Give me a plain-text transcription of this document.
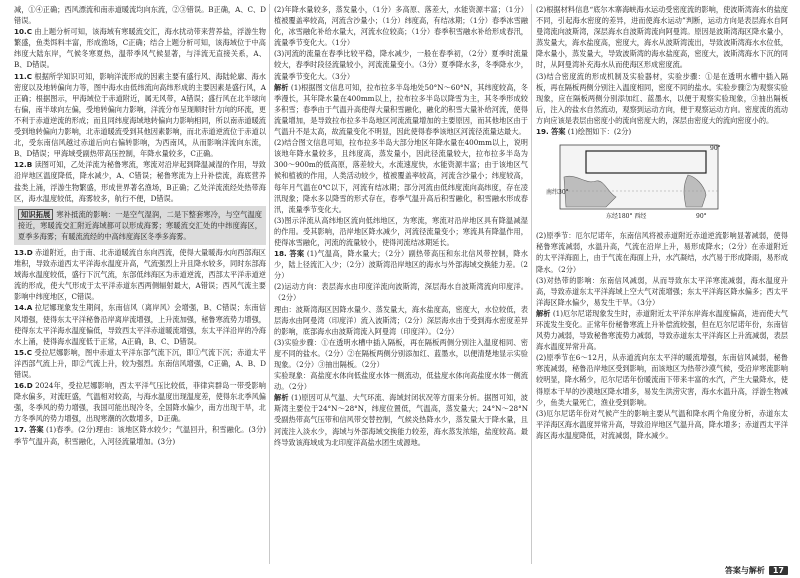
减，①④正确；西风漂流和南赤道暖流均向东流，②③错误。B正确，A、C、D错误。

10.C 由上题分析可知，该海域有寒暖流交汇，海水扰动带来营养盐，浮游生物繁盛，鱼类饵料丰富，形成渔场，C正确；结合上题分析可知，该海域位于中高纬度大陆东岸，气候冬寒夏热，温带季风气候显著，与洋流无直接关系，A、B、D错误。

11.C 根据所学知识可知，影响洋流形成的因素主要有盛行风、海陆轮廓、海水密度以及地转偏向力等，图中海水由低纬流向高纬形成的主要因素是盛行风，A正确；根据图示，甲海域位于赤道附近，属无风带，A错误；盛行风在北半球向右偏，南半球向左偏，受地转偏向力影响，洋流分布呈现顺时针方向的环流，更不利于赤道逆流的形成；而且同纬度海域地转偏向力影响相同，所以南赤道暖流受到地转偏向力影响，北赤道暖流受到其他因素影响，而北赤道逆流位于赤道以北，受东南信风越过赤道后向右偏转影响，为西南风，从而影响洋流向东流，B、D错误；甲海域受副热带高压控制，年降水量较多，C正确。

12.B 读图可知，乙处洋流为秘鲁寒流，寒流对沿岸起到降温减湿的作用，导致沿岸地区温度降低，降水减少，A、C错误；秘鲁寒流为上升补偿流，海底营养盐类上涌，浮游生物繁盛，形成世界著名渔场，B正确；乙处洋流流经处热带海区，海水温度较低，海雾较多，航行不便，D错误。

知识拓展 寒补抵流的影响：一是空气湿润，二是下整套寒冷，与空气温度接近，寒暖流交汇附近海域都可以形成海雾；寒暖流交汇处的中纬度海区，夏季多海雾；有暖流流经的中高纬度海区冬季多海雾。

13.D 赤道附近，由于南、北赤道暖流自东向西流，使得大量暖海水向西部海区堆积，导致赤道西太平洋海水温度升高，气流强烈上升且降水较多，同时东部海域海水温度较低，盛行下沉气流，东部低纬海区为赤道逆流，西部太平洋赤道逆流的形成，使大气形成于太平洋赤道东西两侧辐射最大，A错误；西风气流主要影响中纬度地区，C错误。

14.A 拉尼娜现象发生期间，东南信风（离岸风）会增强，B、C错误；东南信风增强，使得东太平洋秘鲁沿岸离岸流增强，上升流加强，秘鲁寒流势力增强，使得东太平洋海水温度偏低，导致西太平洋赤道暖流增强，东太平洋沿岸的冷海水上涌，使得海水温度低于正常，A正确，B、C、D错误。

15.C 受拉尼娜影响，图中赤道太平洋东部气流下沉，即①气流下沉；赤道太平洋西部气流上升，即②气流上升，较为强烈。东南信风增强，C正确，A、B、D错误。

16.D 2024年，受拉尼娜影响，西太平洋气压比较低，菲律宾群岛一带受影响降水偏多，对流旺盛，气温相对较高，与海水温度出现温度差，使得东北季风偏强，冬季风的势力增强，我国可能出现冷冬，全国降水偏少，南方出现干旱，北方冬季风的势力增强，出现寒潮的次数增多，D正确。

17. 答案 (1)春季。(2分)理由：该地区降水较少；气温回升，积雪融化。(3分)季节气温升高，积雪融化，入河径流量增加。(3分)

(2)年降水量较多，蒸发量小，（1分）多高原、落差大，水能资源丰富；（1分）植被覆盖率较高，河流含沙量小；（1分）纬度高，有结冰期；（1分）春季冰雪融化，冰雪融化补给水量大，河流水位较高；（1分）春季积雪融水补给形成春汛，流量季节变化大。（1分）

(3)河流的流量在春季比较平稳，降水减少，一般在春季初，（2分）夏季时流量较大，春季时段径流量较小，河流流量变小。（3分）夏季降水多，冬季降水少，流量季节变化大。（3分）

解析 (1)根据图文信息可知，拉布拉多半岛地处50°N～60°N，其纬度较高，冬季漫长，其年降水量在400mm以上，拉布拉多半岛以降雪为主，其冬季形成较多积雪；春季由于气温升高使得大量积雪融化，融化的积雪大量补给河流，使得流量增加，是导致拉布拉多半岛地区河流流量增加的主要原因，而其他地区由于气温升不是太高，故流量变化不明显，因此使得春季该地区河流径流量达最大。

(2)结合图文信息可知，拉布拉多半岛大部分地区年降水量在400mm以上，说明该地年降水量较多，且纬度高，蒸发量小，因此径流量较大，拉布拉多半岛为300～900m的低高原，落差较大，水流速度快，水能资源丰富；由于该地区气候和植被的作用，人类活动较少，植被覆盖率较高，河流含沙量小；纬度较高，每年月气温在0℃以下，河流有结冰期；部分河流由低纬度流向高纬度，存在凌汛现象；降水多以降雪的形式存在，春季气温升高后积雪融化，积雪融水形成春汛，流量季节变化大。

(3)图示洋流从高纬地区流向低纬地区，为寒流，寒流对沿岸地区具有降温减湿的作用。受其影响，沿岸地区降水减少，河流径流量变小；寒流具有降温作用，使得冰雪融化，河流的流量较小，使得河流结冰期延长。

18. 答案 (1)气温高，降水量大；（2分）副热带高压和东北信风带控制，降水少，陆上径流汇入少；（2分）波斯湾沿岸地区的海水与外部海域交换能力差。（2分）

(2)运动方向：表层海水由印度洋流向波斯湾，深层海水自波斯湾流向印度洋。（2分）

理由：波斯湾海区因降水量少、蒸发量大，海水盐度高，密度大，水位较低，表层海水由阿曼湾（印度洋）流入波斯湾；（2分）深层海水由于受到海水密度差异的影响，底部海水由波斯湾流入阿曼湾（印度洋）。（2分）

(3)实验步骤：①在透明水槽中插入隔板，再在隔板两侧分别注入温度相同、密度不同的盐水。（2分）②在隔板两侧分别添加红、蓝墨水，以便清楚地显示实验现象。（2分）③抽出隔板。（2分）

实验现象：高盐度水体向低盐度水体一侧流动，低盐度水体向高盐度水体一侧流动。（2分）

解析 (1)原因可从气温、大气环流、海域封闭状况等方面来分析。据图可知，波斯湾主要位于24°N～28°N，纬度位置低，气温高，蒸发量大；24°N～28°N受副热带高气压带和信风带交替控制，气候炎热降水少，蒸发量大于降水量，且河流注入淡水少，海域与外部海域交换能力较差，海水蒸发浓缩，盐度较高。最终导致该海域成为北印度洋高盐水团生成源地。

(2)根据材料信息“底尔木寨海峡海水运动受密度流的影响，使波斯湾海水的盐度不同，引起海水密度的差异，进而使海水运动”判断，运动方向是表层海水自阿曼湾流向波斯湾，深层海水自波斯湾流向阿曼湾。原因是波斯湾海区降水量小，蒸发量大，海水盐度高，密度大，海水从波斯湾流出，导致波斯湾海水水位低，降水量小，蒸发量大，导致波斯湾的海水盐度高，密度大，波斯湾海水下沉的同时，从阿曼湾补充海水从而使海区形成密度流。

(3)结合密度流的形成机制及实验器材，实验步骤：①是在透明水槽中插入隔板，再在隔板两侧分别注入温度相同，密度不同的盐水。实验步骤②为观察实验现象，应在隔板两侧分别添加红、蓝墨水，以便于观察实验现象，③抽出隔板后，注入的盐水自然流动，观察到运动方向，便于观察运动方向。密度流的流动方向应该是表层由密度小的流向密度大的，深层由密度大的流向密度小的。

19. 答案 (1)绘图如下：(2分)

90°
南纬30°
东经180° 西经	90°

(2)原季节：厄尔尼诺年，东南信风将被赤道附近赤道逆流影响显著减弱，使得秘鲁寒流减弱，水温升高，气流在沿岸上升，易形成降水；（2分）在赤道附近的太平洋海面上，由于气流在海面上升，水汽凝结，水汽易于形成降雨，易形成降水。（2分）

(3)对热带的影响：东南信风减弱，从而导致东太平洋寒流减弱，海水温度升高，导致赤道东太平洋海域上空大气对流增强；东太平洋海区降水偏多；西太平洋海区降水偏少，易发生干旱。（3分）

解析 (1)厄尔尼诺现象发生时，赤道附近太平洋东岸海水温度偏高，进而使大气环流发生变化。正常年份秘鲁寒流上升补偿流较强，但在厄尔尼诺年份，东南信风势力减弱，导致秘鲁寒流势力减弱，导致赤道东太平洋海区上升流减弱，表层海水温度异常升高。

(2)原季节在6～12月，从赤道流向东太平洋的暖流增强，东南信风减弱，秘鲁寒流减弱，秘鲁沿岸地区受到影响，而该地区为热带沙漠气候，受沿岸寒流影响较明显，降水稀少，厄尔尼诺年份暖流南下带来丰富的水汽，产生大量降水，使得原本干旱的沙漠地区降水增多，易发生洪涝灾害，海水水温升高，浮游生物减少，鱼类大量死亡，渔业受到影响。

(3)厄尔尼诺年份对气候产生的影响主要从气温和降水两个角度分析，赤道东太平洋海区海水温度异常升高，导致沿岸地区气温升高，降水增多；赤道西太平洋海区海水温度降低，对流减弱，降水减少。

答案与解析	17
